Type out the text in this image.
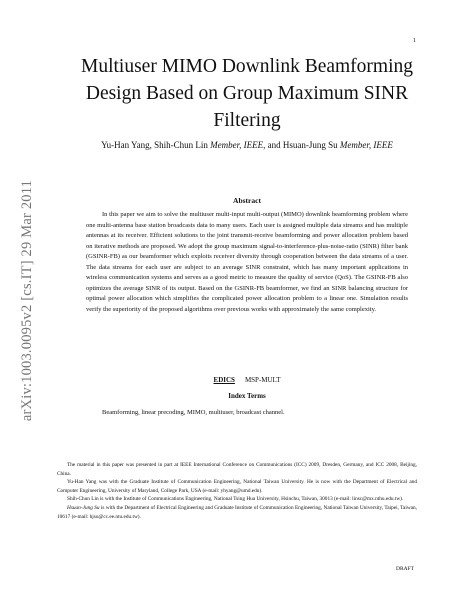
1
arXiv:1003.0095v2 [cs.IT] 29 Mar 2011
Multiuser MIMO Downlink Beamforming
Design Based on Group Maximum SINR
Filtering
Yu-Han Yang, Shih-Chun Lin Member, IEEE, and Hsuan-Jung Su Member, IEEE
Abstract
In this paper we aim to solve the multiuser multi-input multi-output (MIMO) downlink beamforming problem where one multi-antenna base station broadcasts data to many users. Each user is assigned multiple data streams and has multiple antennas at its receiver. Efficient solutions to the joint transmit-receive beamforming and power allocation problem based on iterative methods are proposed. We adopt the group maximum signal-to-interference-plus-noise-ratio (SINR) filter bank (GSINR-FB) as our beamformer which exploits receiver diversity through cooperation between the data streams of a user. The data streams for each user are subject to an average SINR constraint, which has many important applications in wireless communication systems and serves as a good metric to measure the quality of service (QoS). The GSINR-FB also optimizes the average SINR of its output. Based on the GSINR-FB beamformer, we find an SINR balancing structure for optimal power allocation which simplifies the complicated power allocation problem to a linear one. Simulation results verify the superiority of the proposed algorithms over previous works with approximately the same complexity.
EDICS MSP-MULT
Index Terms
Beamforming, linear precoding, MIMO, multiuser, broadcast channel.

The material in this paper was presented in part at IEEE International Conference on Communications (ICC) 2009, Dresden, Germany, and ICC 2008, Beijing, China.

Yu-Han Yang was with the Graduate Institute of Communication Engineering, National Taiwan University. He is now with the Department of Electrical and Computer Engineering, University of Maryland, College Park, USA (e-mail: yhyang@umd.edu).

Shih-Chun Lin is with the Institute of Communications Engineering, National Tsing Hua University, Hsinchu, Taiwan, 30013 (e-mail: linsc@mx.nthu.edu.tw).

Hsuan-Jung Su is with the Department of Electrical Engineering and Graduate Institute of Communication Engineering, National Taiwan University, Taipei, Taiwan, 10617 (e-mail: hjsu@cc.ee.ntu.edu.tw).

DRAFT
